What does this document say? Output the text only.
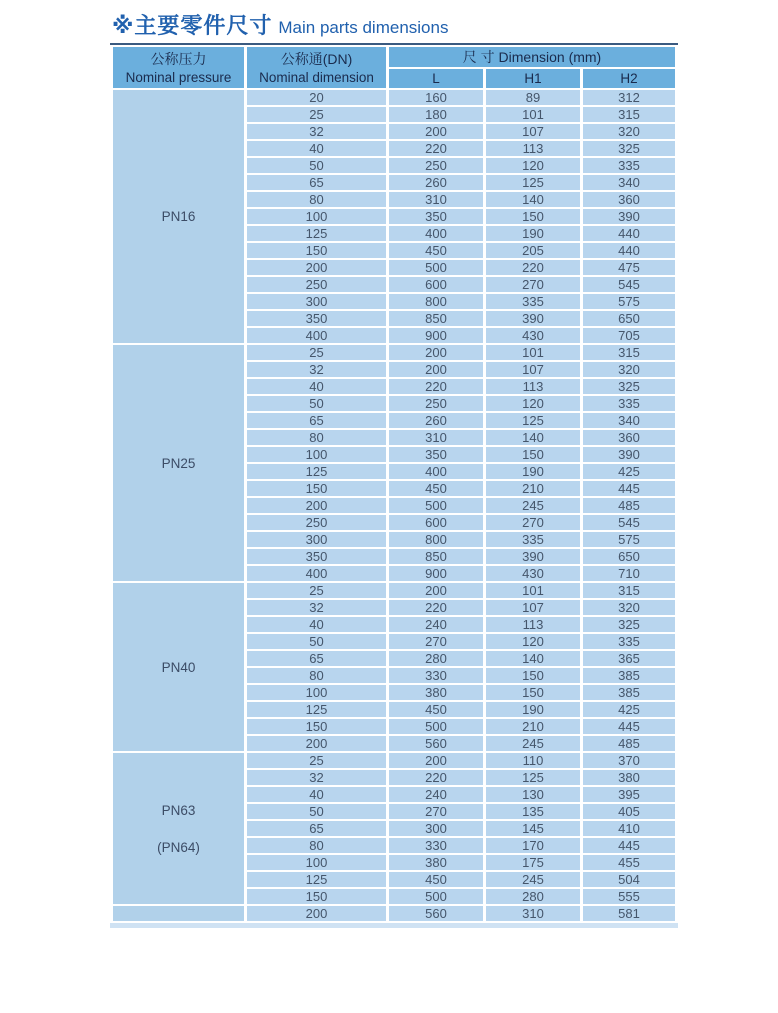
※主要零件尺寸 Main parts dimensions
公称压力
Nominal pressure

公称通(DN)
Nominal dimension
	尺 寸 Dimension (mm)
		L	H1	H2

PN16	20	160	89	312
	25	180	101	315
	32	200	107	320
	40	220	113	325
	50	250	120	335
	65	260	125	340
	80	310	140	360
	100	350	150	390
	125	400	190	440
	150	450	205	440
	200	500	220	475
	250	600	270	545
	300	800	335	575
	350	850	390	650
	400	900	430	705

PN25	25	200	101	315
	32	200	107	320
	40	220	113	325
	50	250	120	335
	65	260	125	340
	80	310	140	360
	100	350	150	390
	125	400	190	425
	150	450	210	445
	200	500	245	485
	250	600	270	545
	300	800	335	575
	350	850	390	650
	400	900	430	710

PN40	25	200	101	315
	32	220	107	320
	40	240	113	325
	50	270	120	335
	65	280	140	365
	80	330	150	385
	100	380	150	385
	125	450	190	425
	150	500	210	445
	200	560	245	485

PN63
(PN64)	25	200	110	370
	32	220	125	380
	40	240	130	395
	50	270	135	405
	65	300	145	410
	80	330	170	445
	100	380	175	455
	125	450	245	504
	150	500	280	555

	200	560	310	581
